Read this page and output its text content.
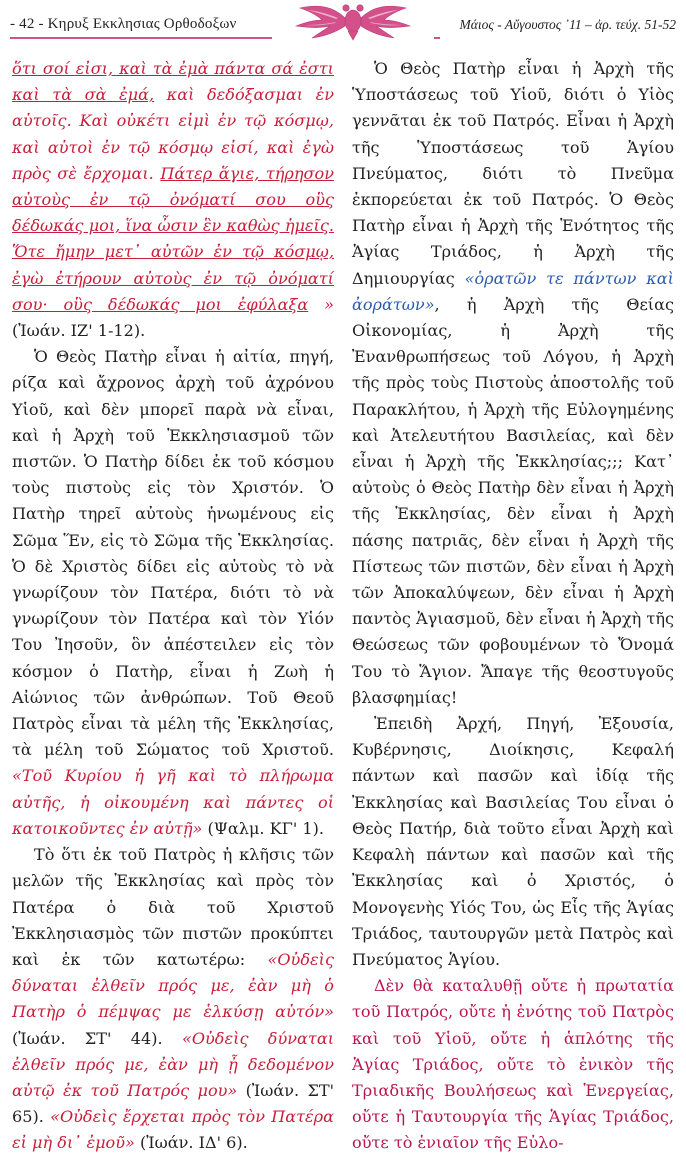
- 42 - Κηρυξ Εκκλησιας Ορθοδοξων	Μάιος - Αὔγουστος ᾿11 – ἀρ. τεύχ. 51-52

ὅτι σοί εἰσι, καὶ τὰ ἐμὰ πάντα σά ἐστι καὶ τὰ σὰ ἐμά, καὶ δεδόξασμαι ἐν αὐτοῖς. Καὶ οὐκέτι εἰμὶ ἐν τῷ κόσμῳ, καὶ αὐτοὶ ἐν τῷ κόσμῳ εἰσί, καὶ ἐγὼ πρὸς σὲ ἔρχομαι. Πάτερ ἅγιε, τήρησον αὐτοὺς ἐν τῷ ὀνόματί σου οὓς δέδωκάς μοι, ἵνα ὦσιν ἓν καθὼς ἡμεῖς. Ὅτε ἤμην μετ᾿ αὐτῶν ἐν τῷ κόσμῳ, ἐγὼ ἐτήρουν αὐτοὺς ἐν τῷ ὀνόματί σου· οὓς δέδωκάς μοι ἐφύλαξα » (Ἰωάν. ΙΖ' 1-12).

Ὁ Θεὸς Πατὴρ εἶναι ἡ αἰτία, πηγή, ρίζα καὶ ἄχρονος ἀρχὴ τοῦ ἀχρόνου Υἱοῦ, καὶ δὲν μπορεῖ παρὰ νὰ εἶναι, καὶ ἡ Ἀρχὴ τοῦ Ἐκκλησιασμοῦ τῶν πιστῶν. Ὁ Πατὴρ δίδει ἐκ τοῦ κόσμου τοὺς πιστοὺς εἰς τὸν Χριστόν. Ὁ Πατὴρ τηρεῖ αὐτοὺς ἡνωμένους εἰς Σῶμα Ἕν, εἰς τὸ Σῶμα τῆς Ἐκκλησίας. Ὁ δὲ Χριστὸς δίδει εἰς αὐτοὺς τὸ νὰ γνωρίζουν τὸν Πατέρα, διότι τὸ νὰ γνωρίζουν τὸν Πατέρα καὶ τὸν Υἱόν Του Ἰησοῦν, ὃν ἀπέστειλεν εἰς τὸν κόσμον ὁ Πατὴρ, εἶναι ἡ Ζωὴ ἡ Αἰώνιος τῶν ἀνθρώπων. Τοῦ Θεοῦ Πατρὸς εἶναι τὰ μέλη τῆς Ἐκκλησίας, τὰ μέλη τοῦ Σώματος τοῦ Χριστοῦ. «Τοῦ Κυρίου ἡ γῆ καὶ τὸ πλήρωμα αὐτῆς, ἡ οἰκουμένη καὶ πάντες οἱ κατοικοῦντες ἐν αὐτῇ» (Ψαλμ. ΚΓ' 1).

Τὸ ὅτι ἐκ τοῦ Πατρὸς ἡ κλῆσις τῶν μελῶν τῆς Ἐκκλησίας καὶ πρὸς τὸν Πατέρα ὁ διὰ τοῦ Χριστοῦ Ἐκκλησιασμὸς τῶν πιστῶν προκύπτει καὶ ἐκ τῶν κατωτέρω: «Οὐδεὶς δύναται ἐλθεῖν πρός με, ἐὰν μὴ ὁ Πατὴρ ὁ πέμψας με ἑλκύσῃ αὐτόν» (Ἰωάν. ΣΤ' 44). «Οὐδεὶς δύναται ἐλθεῖν πρός με, ἐὰν μὴ ᾖ δεδομένον αὐτῷ ἐκ τοῦ Πατρός μου» (Ἰωάν. ΣΤ' 65). «Οὐδεὶς ἔρχεται πρὸς τὸν Πατέρα εἰ μὴ δι᾿ ἐμοῦ» (Ἰωάν. ΙΔ' 6).

Ὁ Θεὸς Πατὴρ εἶναι ἡ Ἀρχὴ τῆς Ὑποστάσεως τοῦ Υἱοῦ, διότι ὁ Υἱὸς γεννᾶται ἐκ τοῦ Πατρός. Εἶναι ἡ Ἀρχὴ τῆς Ὑποστάσεως τοῦ Ἁγίου Πνεύματος, διότι τὸ Πνεῦμα ἐκπορεύεται ἐκ τοῦ Πατρός. Ὁ Θεὸς Πατὴρ εἶναι ἡ Ἀρχὴ τῆς Ἑνότητος τῆς Ἁγίας Τριάδος, ἡ Ἀρχὴ τῆς Δημιουργίας «ὁρατῶν τε πάντων καὶ ἀοράτων», ἡ Ἀρχὴ τῆς Θείας Οἰκονομίας, ἡ Ἀρχὴ τῆς Ἐνανθρωπήσεως τοῦ Λόγου, ἡ Ἀρχὴ τῆς πρὸς τοὺς Πιστοὺς ἀποστολῆς τοῦ Παρακλήτου, ἡ Ἀρχὴ τῆς Εὐλογημένης καὶ Ἀτελευτήτου Βασιλείας, καὶ δὲν εἶναι ἡ Ἀρχὴ τῆς Ἐκκλησίας;;; Κατ᾿ αὐτοὺς ὁ Θεὸς Πατὴρ δὲν εἶναι ἡ Ἀρχὴ τῆς Ἐκκλησίας, δὲν εἶναι ἡ Ἀρχὴ πάσης πατριᾶς, δὲν εἶναι ἡ Ἀρχὴ τῆς Πίστεως τῶν πιστῶν, δὲν εἶναι ἡ Ἀρχὴ τῶν Ἀποκαλύψεων, δὲν εἶναι ἡ Ἀρχὴ παντὸς Ἁγιασμοῦ, δὲν εἶναι ἡ Ἀρχὴ τῆς Θεώσεως τῶν φοβουμένων τὸ Ὄνομά Του τὸ Ἅγιον. Ἄπαγε τῆς θεοστυγοῦς βλασφημίας!

Ἐπειδὴ Ἀρχή, Πηγή, Ἐξουσία, Κυβέρνησις, Διοίκησις, Κεφαλή πάντων καὶ πασῶν καὶ ἰδίᾳ τῆς Ἐκκλησίας καὶ Βασιλείας Του εἶναι ὁ Θεὸς Πατήρ, διὰ τοῦτο εἶναι Ἀρχὴ καὶ Κεφαλὴ πάντων καὶ πασῶν καὶ τῆς Ἐκκλησίας καὶ ὁ Χριστός, ὁ Μονογενὴς Υἱός Του, ὡς Εἷς τῆς Ἁγίας Τριάδος, ταυτουργῶν μετὰ Πατρὸς καὶ Πνεύματος Ἁγίου.

Δὲν θὰ καταλυθῇ οὔτε ἡ πρωτατία τοῦ Πατρός, οὔτε ἡ ἑνότης τοῦ Πατρὸς καὶ τοῦ Υἱοῦ, οὔτε ἡ ἁπλότης τῆς Ἁγίας Τριάδος, οὔτε τὸ ἑνικὸν τῆς Τριαδικῆς Βουλήσεως καὶ Ἐνεργείας, οὔτε ἡ Ταυτουργία τῆς Ἁγίας Τριάδος, οὔτε τὸ ἑνιαῖον τῆς Εὐλο-
